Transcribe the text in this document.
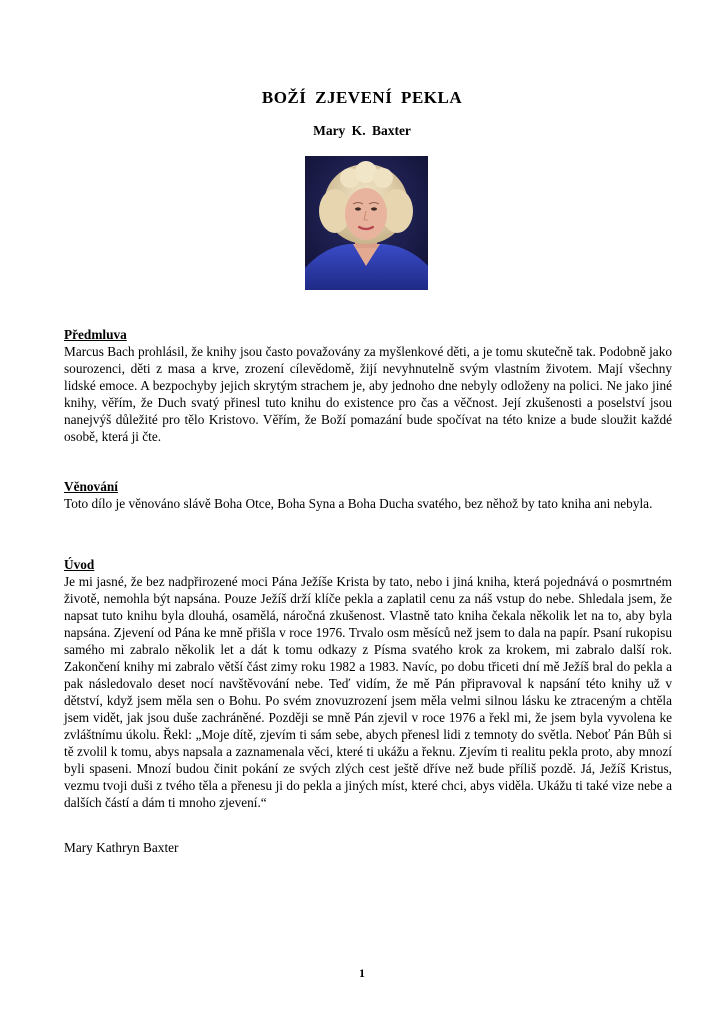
BOŽÍ ZJEVENÍ PEKLA
Mary K. Baxter
Předmluva
Marcus Bach prohlásil, že knihy jsou často považovány za myšlenkové děti, a je tomu skutečně tak. Podobně jako sourozenci, děti z masa a krve, zrození cílevědomě, žijí nevyhnutelně svým vlastním životem. Mají všechny lidské emoce. A bezpochyby jejich skrytým strachem je, aby jednoho dne nebyly odloženy na polici. Ne jako jiné knihy, věřím, že Duch svatý přinesl tuto knihu do existence pro čas a věčnost. Její zkušenosti a poselství jsou nanejvýš důležité pro tělo Kristovo. Věřím, že Boží pomazání bude spočívat na této knize a bude sloužit každé osobě, která ji čte.
Věnování
Toto dílo je věnováno slávě Boha Otce, Boha Syna a Boha Ducha svatého, bez něhož by tato kniha ani nebyla.
Úvod
Je mi jasné, že bez nadpřirozené moci Pána Ježíše Krista by tato, nebo i jiná kniha, která pojednává o posmrtném životě, nemohla být napsána. Pouze Ježíš drží klíče pekla a zaplatil cenu za náš vstup do nebe. Shledala jsem, že napsat tuto knihu byla dlouhá, osamělá, náročná zkušenost. Vlastně tato kniha čekala několik let na to, aby byla napsána. Zjevení od Pána ke mně přišla v roce 1976. Trvalo osm měsíců než jsem to dala na papír. Psaní rukopisu samého mi zabralo několik let a dát k tomu odkazy z Písma svatého krok za krokem, mi zabralo další rok. Zakončení knihy mi zabralo větší část zimy roku 1982 a 1983. Navíc, po dobu třiceti dní mě Ježíš bral do pekla a pak následovalo deset nocí navštěvování nebe. Teď vidím, že mě Pán připravoval k napsání této knihy už v dětství, když jsem měla sen o Bohu. Po svém znovuzrození jsem měla velmi silnou lásku ke ztraceným a chtěla jsem vidět, jak jsou duše zachráněné. Později se mně Pán zjevil v roce 1976 a řekl mi, že jsem byla vyvolena ke zvláštnímu úkolu. Řekl: „Moje dítě, zjevím ti sám sebe, abych přenesl lidi z temnoty do světla. Neboť Pán Bůh si tě zvolil k tomu, abys napsala a zaznamenala věci, které ti ukážu a řeknu. Zjevím ti realitu pekla proto, aby mnozí byli spaseni. Mnozí budou činit pokání ze svých zlých cest ještě dříve než bude příliš pozdě. Já, Ježíš Kristus, vezmu tvoji duši z tvého těla a přenesu ji do pekla a jiných míst, které chci, abys viděla. Ukážu ti také vize nebe a dalších částí a dám ti mnoho zjevení.“
Mary Kathryn Baxter
1
